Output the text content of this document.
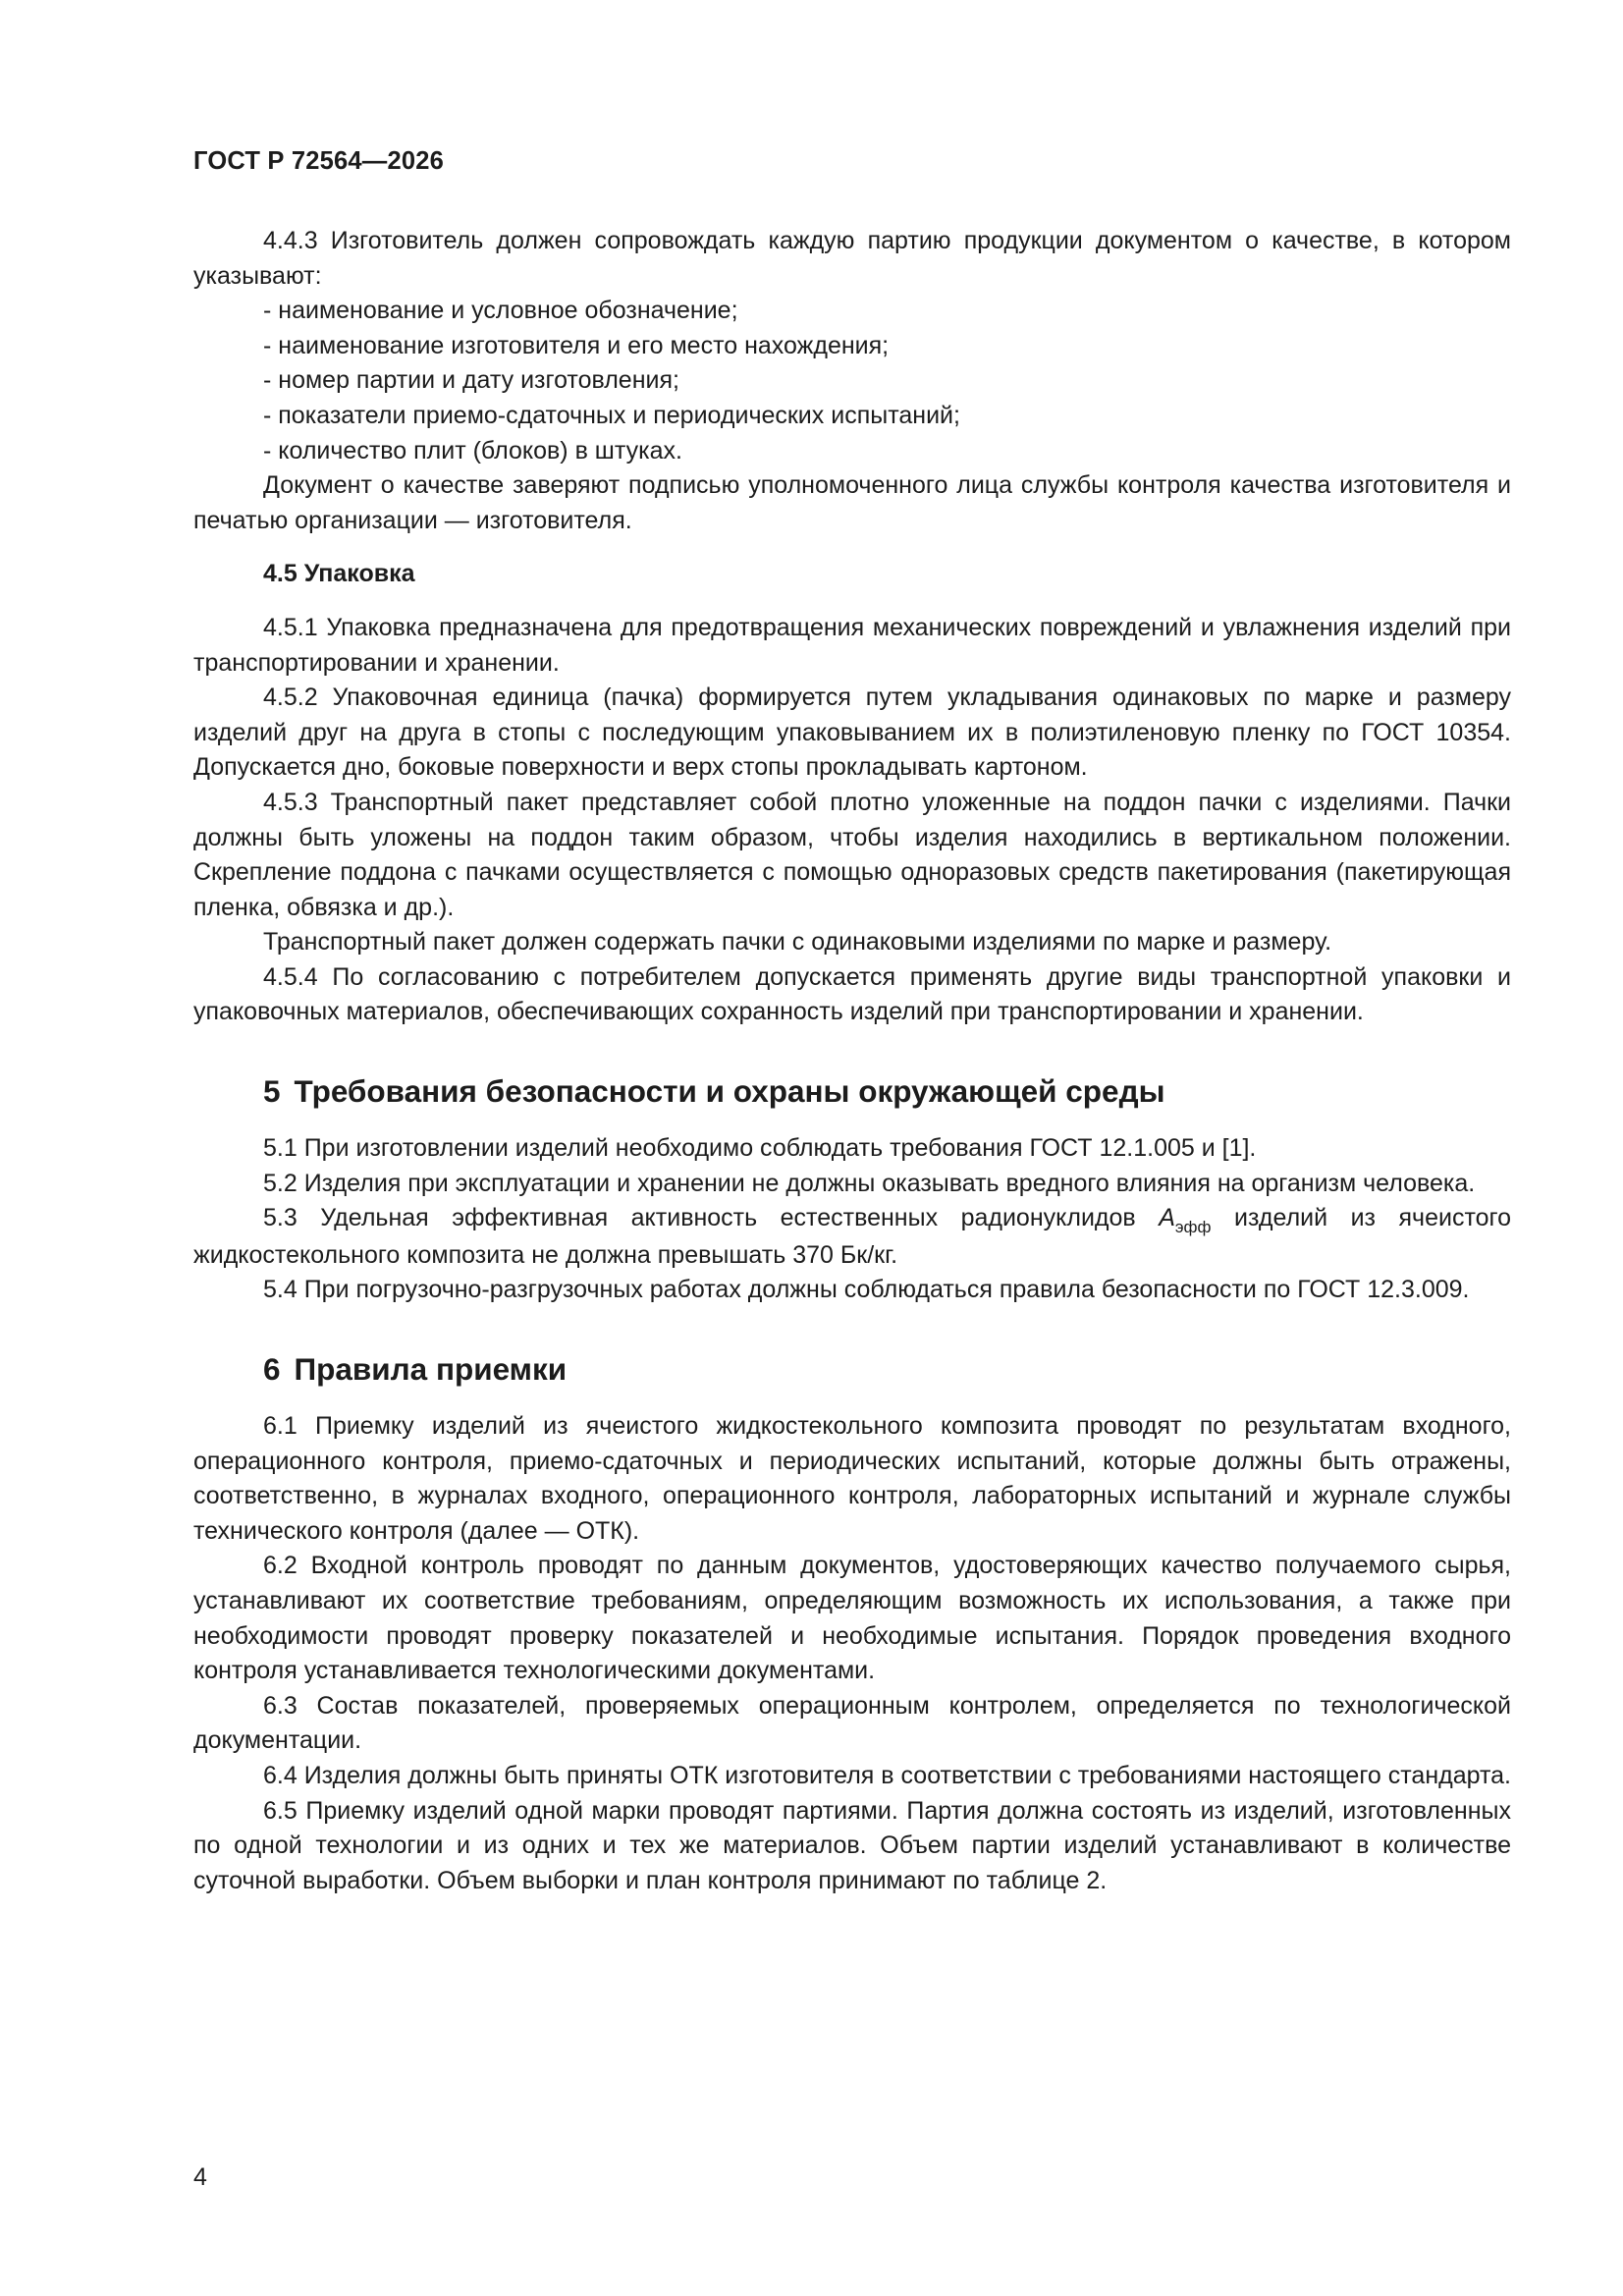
ГОСТ Р 72564—2026

4.4.3 Изготовитель должен сопровождать каждую партию продукции документом о качестве, в котором указывают:

- наименование и условное обозначение;

- наименование изготовителя и его место нахождения;

- номер партии и дату изготовления;

- показатели приемо-сдаточных и периодических испытаний;

- количество плит (блоков) в штуках.

Документ о качестве заверяют подписью уполномоченного лица службы контроля качества изготовителя и печатью организации — изготовителя.

4.5 Упаковка

4.5.1 Упаковка предназначена для предотвращения механических повреждений и увлажнения изделий при транспортировании и хранении.

4.5.2 Упаковочная единица (пачка) формируется путем укладывания одинаковых по марке и размеру изделий друг на друга в стопы с последующим упаковыванием их в полиэтиленовую пленку по ГОСТ 10354. Допускается дно, боковые поверхности и верх стопы прокладывать картоном.

4.5.3 Транспортный пакет представляет собой плотно уложенные на поддон пачки с изделиями. Пачки должны быть уложены на поддон таким образом, чтобы изделия находились в вертикальном положении. Скрепление поддона с пачками осуществляется с помощью одноразовых средств пакетирования (пакетирующая пленка, обвязка и др.).

Транспортный пакет должен содержать пачки с одинаковыми изделиями по марке и размеру.

4.5.4 По согласованию с потребителем допускается применять другие виды транспортной упаковки и упаковочных материалов, обеспечивающих сохранность изделий при транспортировании и хранении.

5 Требования безопасности и охраны окружающей среды

5.1 При изготовлении изделий необходимо соблюдать требования ГОСТ 12.1.005 и [1].

5.2 Изделия при эксплуатации и хранении не должны оказывать вредного влияния на организм человека.

5.3 Удельная эффективная активность естественных радионуклидов $A_{эфф}$ изделий из ячеистого жидкостекольного композита не должна превышать 370 Бк/кг.

5.4 При погрузочно-разгрузочных работах должны соблюдаться правила безопасности по ГОСТ 12.3.009.

6 Правила приемки

6.1 Приемку изделий из ячеистого жидкостекольного композита проводят по результатам входного, операционного контроля, приемо-сдаточных и периодических испытаний, которые должны быть отражены, соответственно, в журналах входного, операционного контроля, лабораторных испытаний и журнале службы технического контроля (далее — ОТК).

6.2 Входной контроль проводят по данным документов, удостоверяющих качество получаемого сырья, устанавливают их соответствие требованиям, определяющим возможность их использования, а также при необходимости проводят проверку показателей и необходимые испытания. Порядок проведения входного контроля устанавливается технологическими документами.

6.3 Состав показателей, проверяемых операционным контролем, определяется по технологической документации.

6.4 Изделия должны быть приняты ОТК изготовителя в соответствии с требованиями настоящего стандарта.

6.5 Приемку изделий одной марки проводят партиями. Партия должна состоять из изделий, изготовленных по одной технологии и из одних и тех же материалов. Объем партии изделий устанавливают в количестве суточной выработки. Объем выборки и план контроля принимают по таблице 2.

4
